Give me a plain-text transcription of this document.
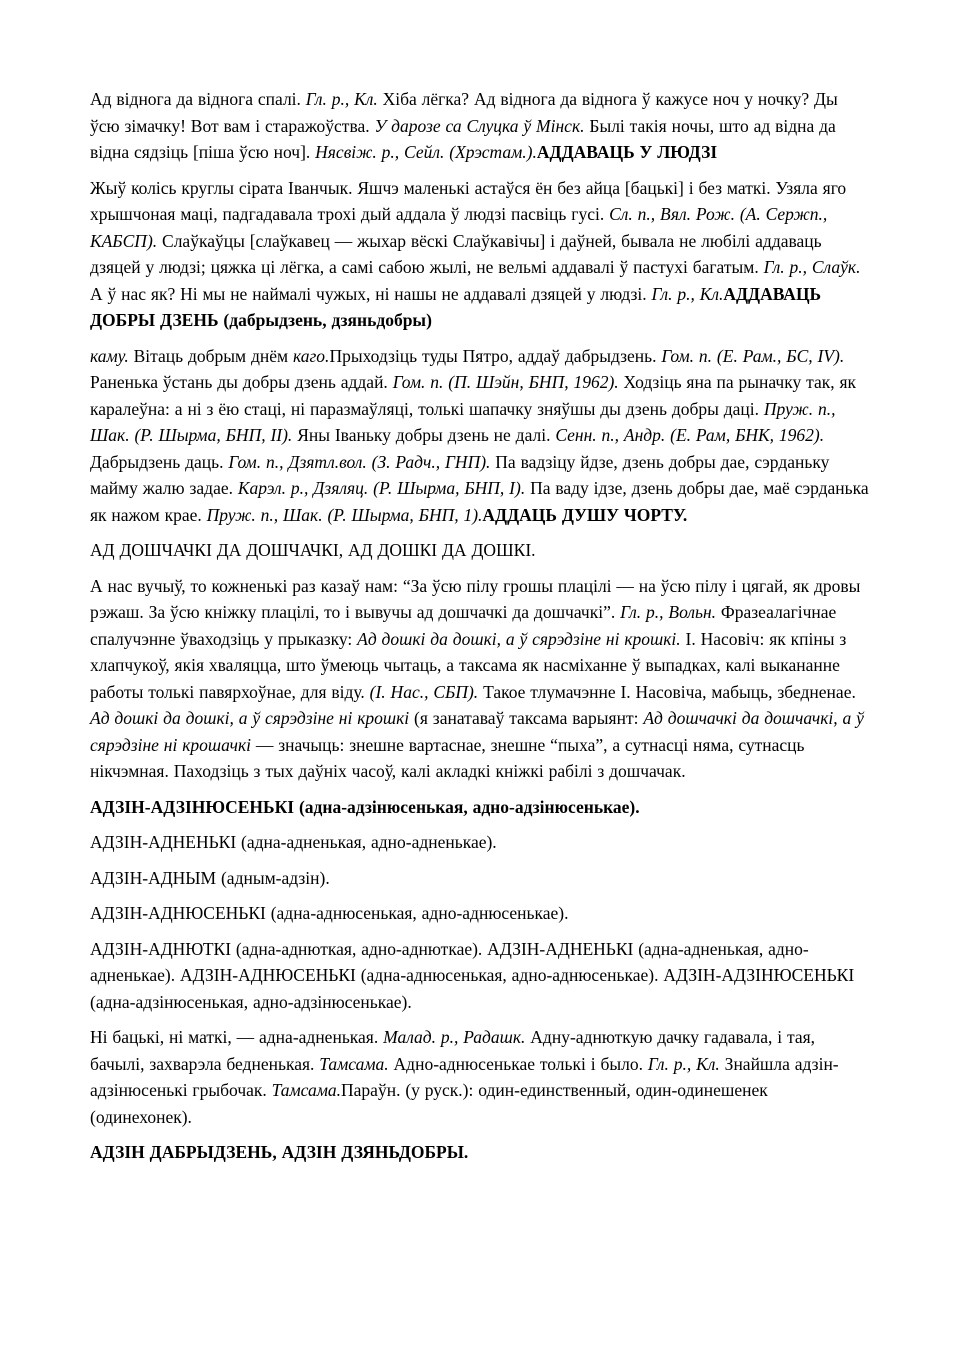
Ад віднога да віднога спалі. Гл. р., Кл. Хіба лёгка? Ад віднога да віднога ў кажусе ноч у ночку? Ды ўсю зімачку! Вот вам і старажоўства. У дарозе са Слуцка ў Мінск. Былі такія ночы, што ад відна да відна сядзіць [піша ўсю ноч]. Нясвіж. р., Сейл. (Хрэстам.).АДДАВАЦЬ У ЛЮДЗІ

Жыў колісь круглы сірата Іванчык. Яшчэ маленькі астаўся ён без айца [бацькі] і без маткі. Узяла яго хрышчоная маці, падгадавала трохі дый аддала ў людзі пасвіць гусі. Сл. п., Вял. Рож. (А. Сержп., КАБСП). Слаўкаўцы [слаўкавец — жыхар вёскі Слаўкавічы] і даўней, бывала не любілі аддаваць дзяцей у людзі; цяжка ці лёгка, а самі сабою жылі, не вельмі аддавалі ў пастухі багатым. Гл. р., Слаўк. А ў нас як? Ні мы не наймалі чужых, ні нашы не аддавалі дзяцей у людзі. Гл. р., Кл.АДДАВАЦЬ ДОБРЫ ДЗЕНЬ (дабрыдзень, дзяньдобры)

каму. Вітаць добрым днём каго.Прыходзіць туды Пятро, аддаў дабрыдзень. Гом. п. (Е. Рам., БС, IV). Раненька ўстань ды добры дзень аддай. Гом. п. (П. Шэйн, БНП, 1962). Ходзіць яна па рыначку так, як каралеўна: а ні з ёю стаці, ні паразмаўляці, толькі шапачку зняўшы ды дзень добры даці. Пруж. п., Шак. (Р. Шырма, БНП, II). Яны Іваньку добры дзень не далі. Сенн. п., Андр. (Е. Рам, БНК, 1962). Дабрыдзень даць. Гом. п., Дзятл.вол. (З. Радч., ГНП). Па вадзіцу йдзе, дзень добры дае, сэрданьку майму жалю задае. Карэл. р., Дзяляц. (Р. Шырма, БНП, І). Па ваду ідзе, дзень добры дае, маё сэрданька як нажом крае. Пруж. п., Шак. (Р. Шырма, БНП, 1).АДДАЦЬ ДУШУ ЧОРТУ.

АД ДОШЧАЧКІ ДА ДОШЧАЧКІ, АД ДОШКІ ДА ДОШКІ.

А нас вучыў, то кожненькі раз казаў нам: “За ўсю пілу грошы плацілі — на ўсю пілу і цягай, як дровы рэжаш. За ўсю кніжку плацілі, то і вывучы ад дошчачкі да дошчачкі”. Гл. р., Вольн. Фразеалагічнае спалучэнне ўваходзіць у прыказку: Ад дошкі да дошкі, а ў сярэдзіне ні крошкі. І. Насовіч: як кпіны з хлапчукоў, якія хваляцца, што ўмеюць чытаць, а таксама як насміханне ў выпадках, калі выкананне работы толькі павярхоўнае, для віду. (І. Нас., СБП). Такое тлумачэнне І. Насовіча, мабыць, збедненае. Ад дошкі да дошкі, а ў сярэдзіне ні крошкі (я занатаваў таксама варыянт: Ад дошчачкі да дошчачкі, а ў сярэдзіне ні крошачкі — значыць: знешне вартаснае, знешне “пыха”, а сутнасці няма, сутнасць нікчэмная. Паходзіць з тых даўніх часоў, калі акладкі кніжкі рабілі з дошчачак.

АДЗІН-АДЗІНЮСЕНЬКІ (адна-адзінюсенькая, адно-адзінюсенькае).

АДЗІН-АДНЕНЬКІ (адна-адненькая, адно-адненькае).

АДЗІН-АДНЫМ (адным-адзін).

АДЗІН-АДНЮСЕНЬКІ (адна-аднюсенькая, адно-аднюсенькае).

АДЗІН-АДНЮТКІ (адна-аднюткая, адно-аднюткае). АДЗІН-АДНЕНЬКІ (адна-адненькая, адно-адненькае). АДЗІН-АДНЮСЕНЬКІ (адна-аднюсенькая, адно-аднюсенькае). АДЗІН-АДЗІНЮСЕНЬКІ (адна-адзінюсенькая, адно-адзінюсенькае).

Ні бацькі, ні маткі, — адна-адненькая. Малад. р., Радашк. Адну-аднюткую дачку гадавала, і тая, бачылі, захварэла бедненькая. Тамсама. Адно-аднюсенькае толькі і было. Гл. р., Кл. Знайшла адзін-адзінюсенькі грыбочак. Тамсама.Параўн. (у руск.): один-единственный, один-одинешенек (одинехонек).

АДЗІН ДАБРЫДЗЕНЬ, АДЗІН ДЗЯНЬДОБРЫ.
